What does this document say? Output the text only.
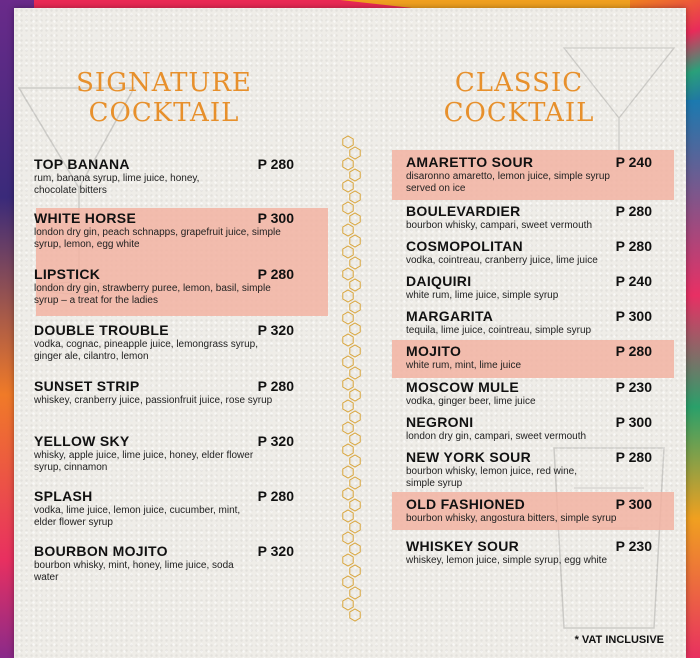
SIGNATURE
COCKTAIL
CLASSIC
COCKTAIL
TOP BANANA	P 280
rum, banana syrup, lime juice, honey, chocolate bitters
WHITE HORSE	P 300
london dry gin, peach schnapps, grapefruit juice, simple syrup, lemon, egg white
LIPSTICK	P 280
london dry gin, strawberry puree, lemon, basil, simple syrup – a treat for the ladies
DOUBLE TROUBLE	P 320
vodka, cognac, pineapple juice, lemongrass syrup, ginger ale, cilantro, lemon
SUNSET STRIP	P 280
whiskey, cranberry juice, passionfruit juice, rose syrup
YELLOW SKY	P 320
whisky, apple juice, lime juice, honey, elder flower syrup, cinnamon
SPLASH	P 280
vodka, lime juice, lemon juice, cucumber, mint, elder flower syrup
BOURBON MOJITO	P 320
bourbon whisky, mint, honey, lime juice, soda water
AMARETTO SOUR	P 240
disaronno amaretto, lemon juice, simple syrup served on ice
BOULEVARDIER	P 280
bourbon whisky, campari, sweet vermouth
COSMOPOLITAN	P 280
vodka, cointreau, cranberry juice, lime juice
DAIQUIRI	P 240
white rum, lime juice, simple syrup
MARGARITA	P 300
tequila, lime juice, cointreau, simple syrup
MOJITO	P 280
white rum, mint, lime juice
MOSCOW MULE	P 230
vodka, ginger beer, lime juice
NEGRONI	P 300
london dry gin, campari, sweet vermouth
NEW YORK SOUR	P 280
bourbon whisky, lemon juice, red wine, simple syrup
OLD FASHIONED	P 300
bourbon whisky, angostura bitters, simple syrup
WHISKEY SOUR	P 230
whiskey, lemon juice, simple syrup, egg white
* VAT INCLUSIVE
